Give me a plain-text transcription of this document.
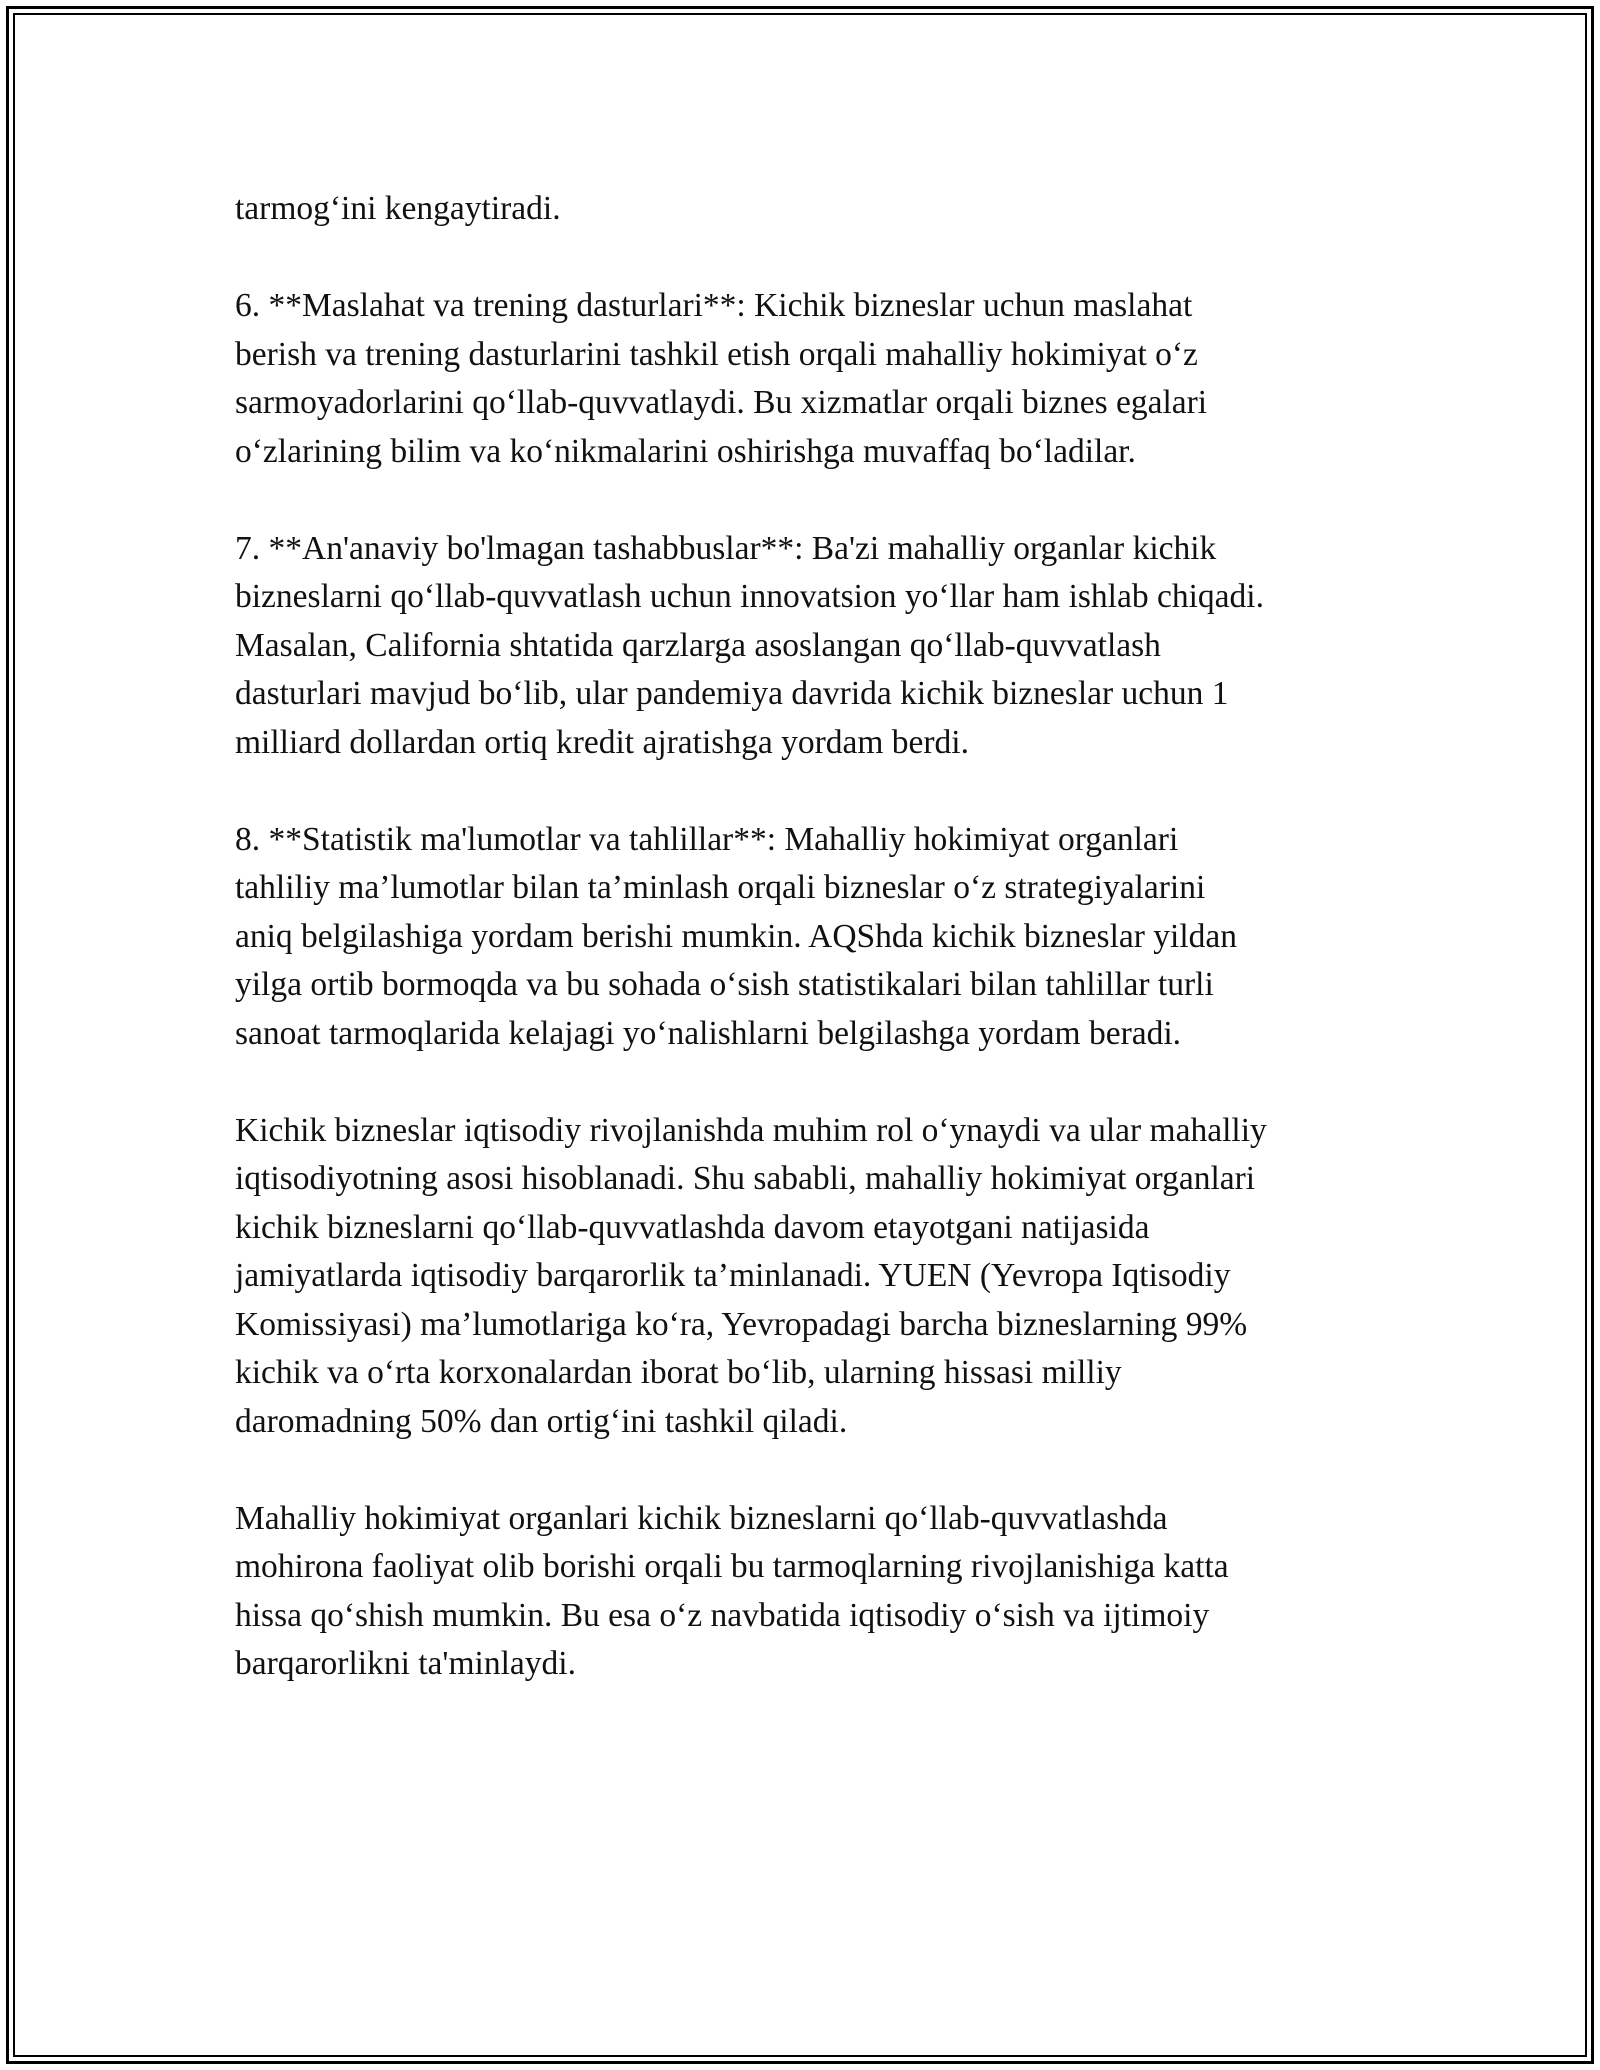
tarmog‘ini kengaytiradi.

6. **Maslahat va trening dasturlari**: Kichik bizneslar uchun maslahat
berish va trening dasturlarini tashkil etish orqali mahalliy hokimiyat o‘z
sarmoyadorlarini qo‘llab-quvvatlaydi. Bu xizmatlar orqali biznes egalari
o‘zlarining bilim va ko‘nikmalarini oshirishga muvaffaq bo‘ladilar.

7. **An'anaviy bo'lmagan tashabbuslar**: Ba'zi mahalliy organlar kichik
bizneslarni qo‘llab-quvvatlash uchun innovatsion yo‘llar ham ishlab chiqadi.
Masalan, California shtatida qarzlarga asoslangan qo‘llab-quvvatlash
dasturlari mavjud bo‘lib, ular pandemiya davrida kichik bizneslar uchun 1
milliard dollardan ortiq kredit ajratishga yordam berdi.

8. **Statistik ma'lumotlar va tahlillar**: Mahalliy hokimiyat organlari
tahliliy ma’lumotlar bilan ta’minlash orqali bizneslar o‘z strategiyalarini
aniq belgilashiga yordam berishi mumkin. AQShda kichik bizneslar yildan
yilga ortib bormoqda va bu sohada o‘sish statistikalari bilan tahlillar turli
sanoat tarmoqlarida kelajagi yo‘nalishlarni belgilashga yordam beradi.

Kichik bizneslar iqtisodiy rivojlanishda muhim rol o‘ynaydi va ular mahalliy
iqtisodiyotning asosi hisoblanadi. Shu sababli, mahalliy hokimiyat organlari
kichik bizneslarni qo‘llab-quvvatlashda davom etayotgani natijasida
jamiyatlarda iqtisodiy barqarorlik ta’minlanadi. YUEN (Yevropa Iqtisodiy
Komissiyasi) ma’lumotlariga ko‘ra, Yevropadagi barcha bizneslarning 99%
kichik va o‘rta korxonalardan iborat bo‘lib, ularning hissasi milliy
daromadning 50% dan ortig‘ini tashkil qiladi.

Mahalliy hokimiyat organlari kichik bizneslarni qo‘llab-quvvatlashda
mohirona faoliyat olib borishi orqali bu tarmoqlarning rivojlanishiga katta
hissa qo‘shish mumkin. Bu esa o‘z navbatida iqtisodiy o‘sish va ijtimoiy
barqarorlikni ta'minlaydi.
